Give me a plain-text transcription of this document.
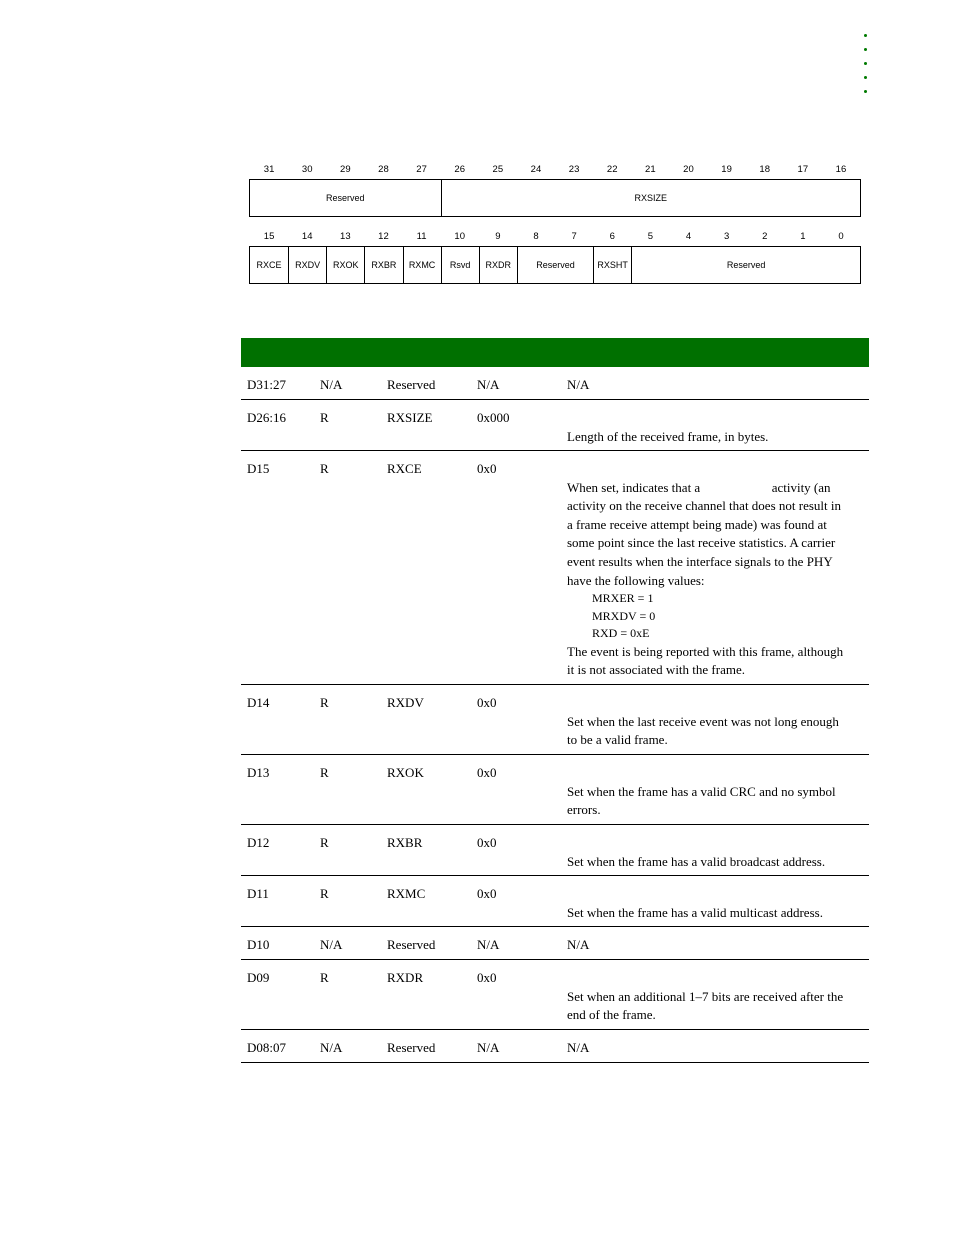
31	30	29	28	27	26	25	24	23	22	21	20	19	18	17	16
Reserved	RXSIZE
15	14	13	12	11	10	9	8	7	6	5	4	3	2	1	0
RXCE	RXDV	RXOK	RXBR	RXMC	Rsvd	RXDR	Reserved	RXSHT	Reserved
D31:27	N/A	Reserved	N/A	N/A
D26:16	R	RXSIZE	0x000

Length of the received frame, in bytes.
D15	R	RXCE	0x0

When set, indicates that a                      activity (an
activity on the receive channel that does not result in
a frame receive attempt being made) was found at
some point since the last receive statistics. A carrier
event results when the interface signals to the PHY
have the following values:
MRXER = 1
MRXDV = 0
RXD = 0xE
The event is being reported with this frame, although
it is not associated with the frame.
D14	R	RXDV	0x0

Set when the last receive event was not long enough
to be a valid frame.
D13	R	RXOK	0x0

Set when the frame has a valid CRC and no symbol
errors.
D12	R	RXBR	0x0

Set when the frame has a valid broadcast address.
D11	R	RXMC	0x0

Set when the frame has a valid multicast address.
D10	N/A	Reserved	N/A	N/A
D09	R	RXDR	0x0

Set when an additional 1–7 bits are received after the
end of the frame.
D08:07	N/A	Reserved	N/A	N/A
